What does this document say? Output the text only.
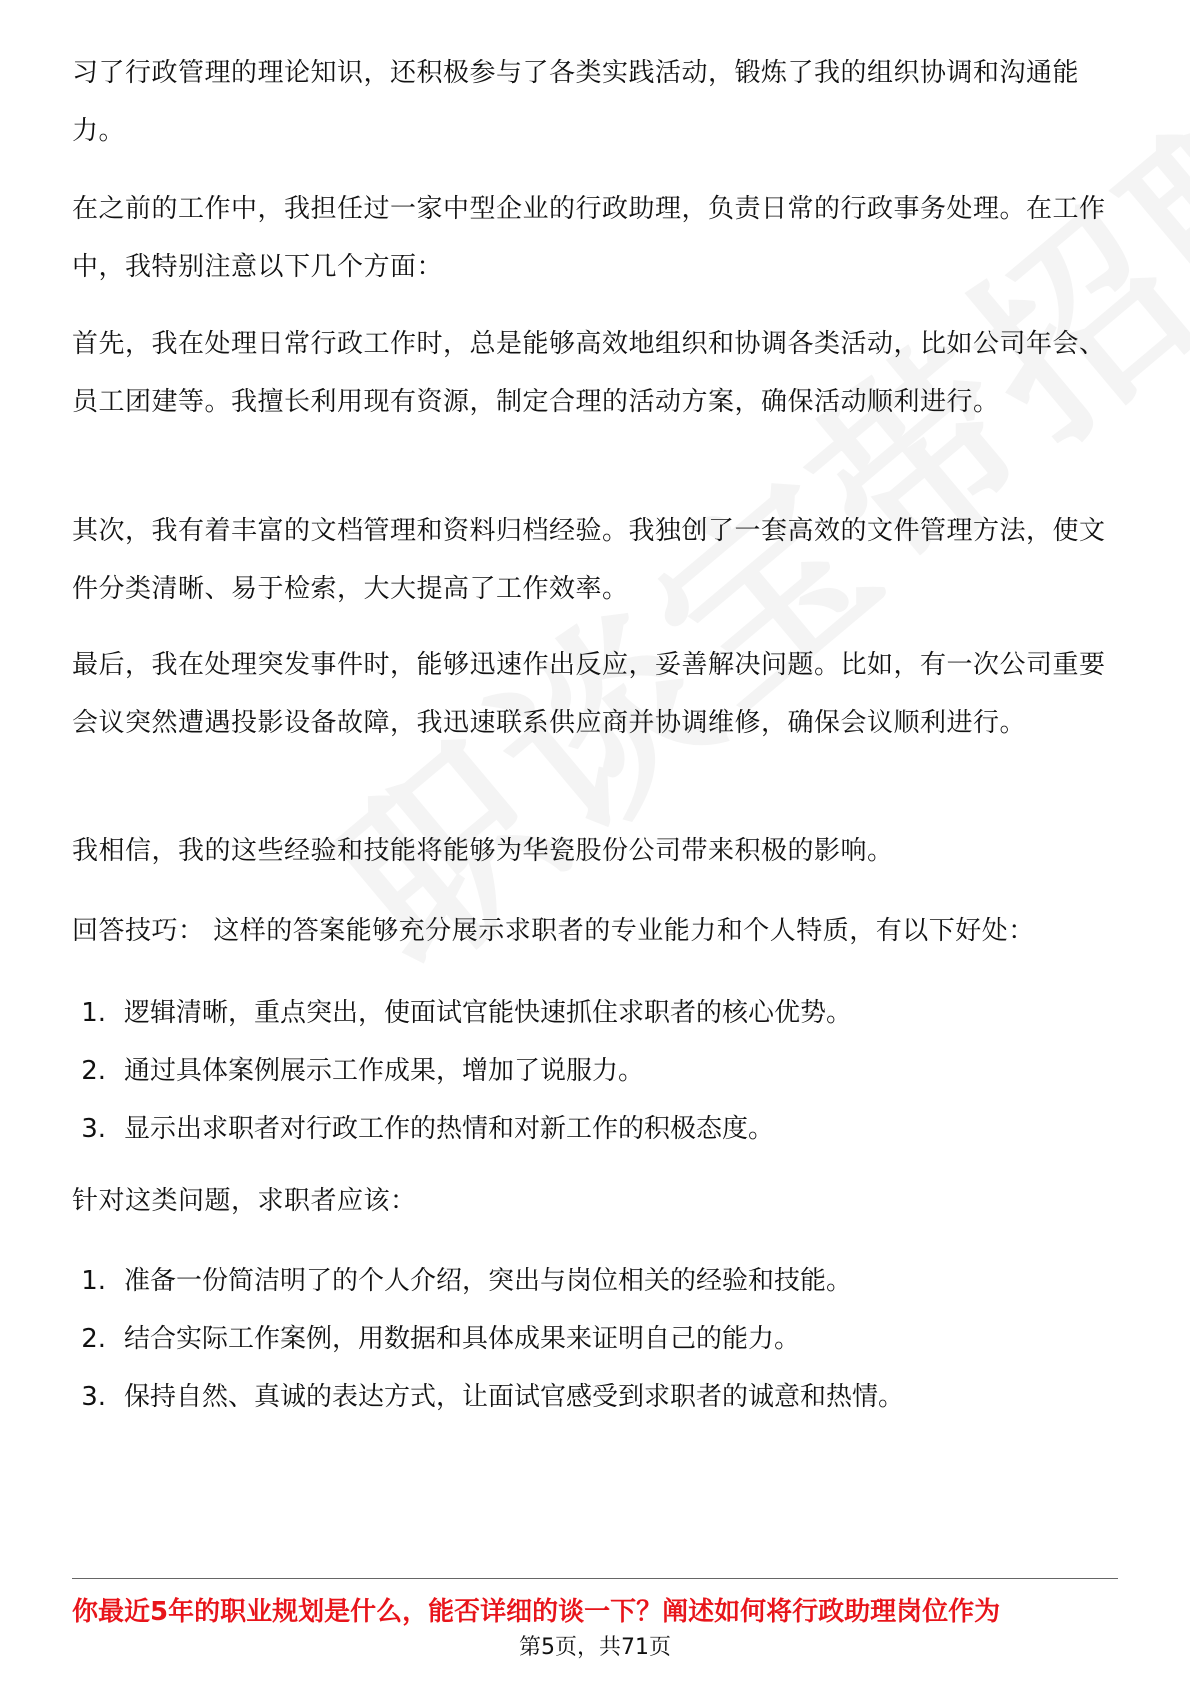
习了行政管理的理论知识，还积极参与了各类实践活动，锻炼了我的组织协调和沟通能力。

在之前的工作中，我担任过一家中型企业的行政助理，负责日常的行政事务处理。在工作中，我特别注意以下几个方面：

首先，我在处理日常行政工作时，总是能够高效地组织和协调各类活动，比如公司年会、员工团建等。我擅长利用现有资源，制定合理的活动方案，确保活动顺利进行。

其次，我有着丰富的文档管理和资料归档经验。我独创了一套高效的文件管理方法，使文件分类清晰、易于检索，大大提高了工作效率。

最后，我在处理突发事件时，能够迅速作出反应，妥善解决问题。比如，有一次公司重要会议突然遭遇投影设备故障，我迅速联系供应商并协调维修，确保会议顺利进行。

我相信，我的这些经验和技能将能够为华瓷股份公司带来积极的影响。

回答技巧： 这样的答案能够充分展示求职者的专业能力和个人特质，有以下好处：

1. 逻辑清晰，重点突出，使面试官能快速抓住求职者的核心优势。
2. 通过具体案例展示工作成果，增加了说服力。
3. 显示出求职者对行政工作的热情和对新工作的积极态度。

针对这类问题，求职者应该：

1. 准备一份简洁明了的个人介绍，突出与岗位相关的经验和技能。
2. 结合实际工作案例，用数据和具体成果来证明自己的能力。
3. 保持自然、真诚的表达方式，让面试官感受到求职者的诚意和热情。
你最近5年的职业规划是什么，能否详细的谈一下？阐述如何将行政助理岗位作为
第5页，共71页
